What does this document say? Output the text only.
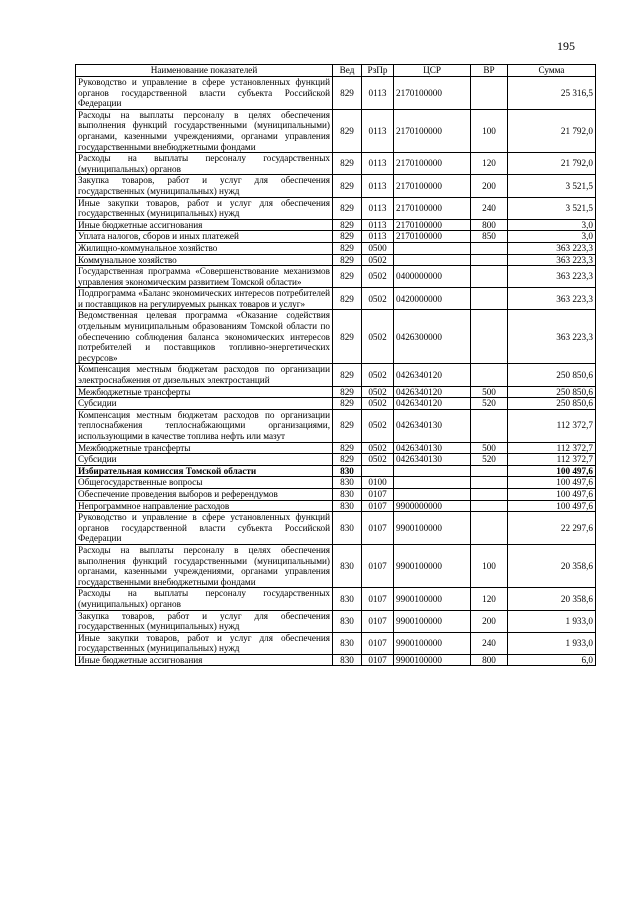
195
Наименование показателей	Вед	РзПр	ЦСР	ВР	Сумма
Руководство и управление в сфере установленных функций органов государственной власти субъекта Российской Федерации	829	0113	2170100000		25 316,5
Расходы на выплаты персоналу в целях обеспечения выполнения функций государственными (муниципальными) органами, казенными учреждениями, органами управления государственными внебюджетными фондами	829	0113	2170100000	100	21 792,0
Расходы на выплаты персоналу государственных (муниципальных) органов	829	0113	2170100000	120	21 792,0
Закупка товаров, работ и услуг для обеспечения государственных (муниципальных) нужд	829	0113	2170100000	200	3 521,5
Иные закупки товаров, работ и услуг для обеспечения государственных (муниципальных) нужд	829	0113	2170100000	240	3 521,5
Иные бюджетные ассигнования	829	0113	2170100000	800	3,0
Уплата налогов, сборов и иных платежей	829	0113	2170100000	850	3,0
Жилищно-коммунальное хозяйство	829	0500			363 223,3
Коммунальное хозяйство	829	0502			363 223,3
Государственная программа «Совершенствование механизмов управления экономическим развитием Томской области»	829	0502	0400000000		363 223,3
Подпрограмма «Баланс экономических интересов потребителей и поставщиков на регулируемых рынках товаров и услуг»	829	0502	0420000000		363 223,3
Ведомственная целевая программа «Оказание содействия отдельным муниципальным образованиям Томской области по обеспечению соблюдения баланса экономических интересов потребителей и поставщиков топливно-энергетических ресурсов»	829	0502	0426300000		363 223,3
Компенсация местным бюджетам расходов по организации электроснабжения от дизельных электростанций	829	0502	0426340120		250 850,6
Межбюджетные трансферты	829	0502	0426340120	500	250 850,6
Субсидии	829	0502	0426340120	520	250 850,6
Компенсация местным бюджетам расходов по организации теплоснабжения теплоснабжающими организациями, использующими в качестве топлива нефть или мазут	829	0502	0426340130		112 372,7
Межбюджетные трансферты	829	0502	0426340130	500	112 372,7
Субсидии	829	0502	0426340130	520	112 372,7
Избирательная комиссия Томской области	830				100 497,6
Общегосударственные вопросы	830	0100			100 497,6
Обеспечение проведения выборов и референдумов	830	0107			100 497,6
Непрограммное направление расходов	830	0107	9900000000		100 497,6
Руководство и управление в сфере установленных функций органов государственной власти субъекта Российской Федерации	830	0107	9900100000		22 297,6
Расходы на выплаты персоналу в целях обеспечения выполнения функций государственными (муниципальными) органами, казенными учреждениями, органами управления государственными внебюджетными фондами	830	0107	9900100000	100	20 358,6
Расходы на выплаты персоналу государственных (муниципальных) органов	830	0107	9900100000	120	20 358,6
Закупка товаров, работ и услуг для обеспечения государственных (муниципальных) нужд	830	0107	9900100000	200	1 933,0
Иные закупки товаров, работ и услуг для обеспечения государственных (муниципальных) нужд	830	0107	9900100000	240	1 933,0
Иные бюджетные ассигнования	830	0107	9900100000	800	6,0
